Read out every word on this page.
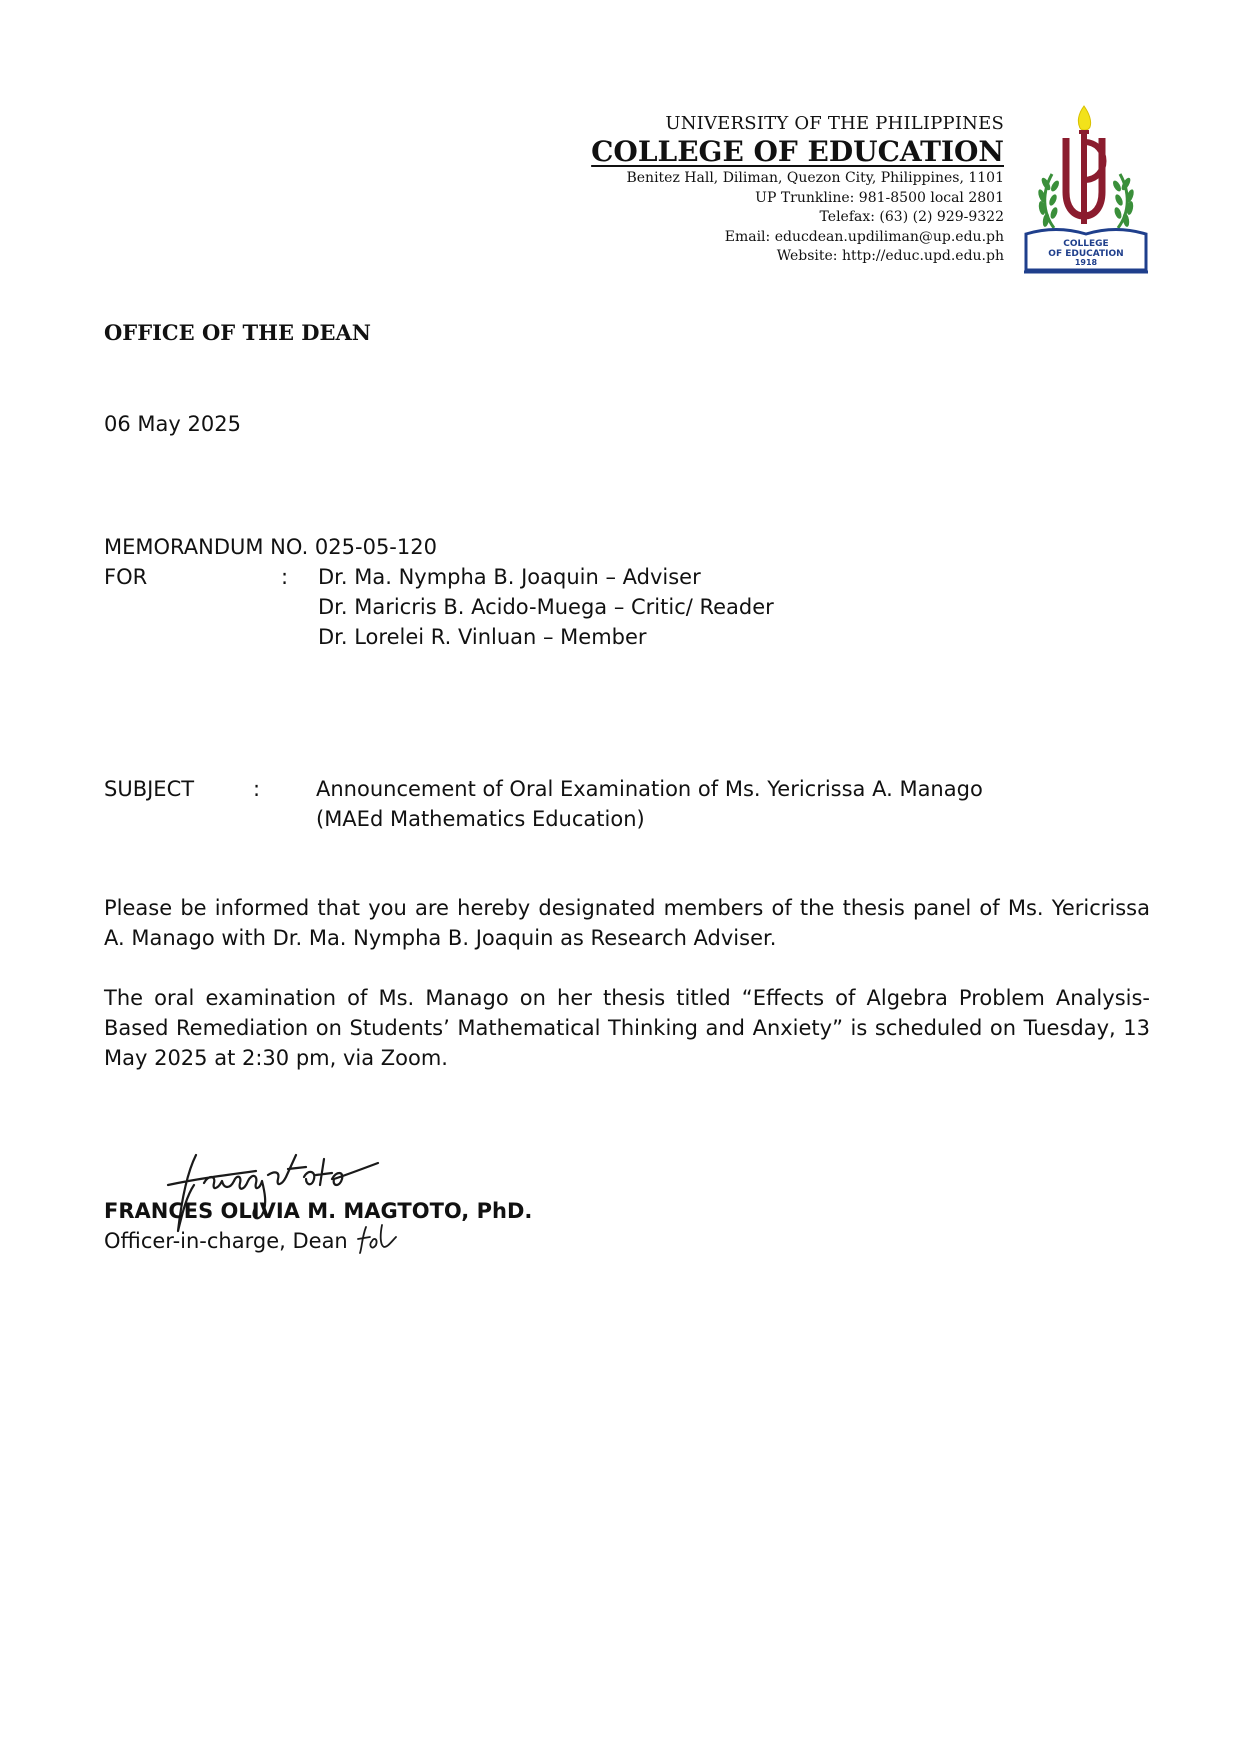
UNIVERSITY OF THE PHILIPPINES
COLLEGE OF EDUCATION
Benitez Hall, Diliman, Quezon City, Philippines, 1101
UP Trunkline: 981-8500 local 2801
Telefax: (63) (2) 929-9322
Email: educdean.updiliman@up.edu.ph
Website: http://educ.upd.edu.ph
COLLEGE
OF EDUCATION
1918
OFFICE OF THE DEAN
06 May 2025
MEMORANDUM NO. 025-05-120
FOR	: Dr. Ma. Nympha B. Joaquin – Adviser
Dr. Maricris B. Acido-Muega – Critic/ Reader
Dr. Lorelei R. Vinluan – Member
SUBJECT	:	Announcement of Oral Examination of Ms. Yericrissa A. Manago
(MAEd Mathematics Education)
Please be informed that you are hereby designated members of the thesis panel of Ms. Yericrissa A. Manago with Dr. Ma. Nympha B. Joaquin as Research Adviser.
The oral examination of Ms. Manago on her thesis titled “Effects of Algebra Problem Analysis-Based Remediation on Students’ Mathematical Thinking and Anxiety” is scheduled on Tuesday, 13 May 2025 at 2:30 pm, via Zoom.
FRANCES OLIVIA M. MAGTOTO, PhD.
Officer-in-charge, Dean
